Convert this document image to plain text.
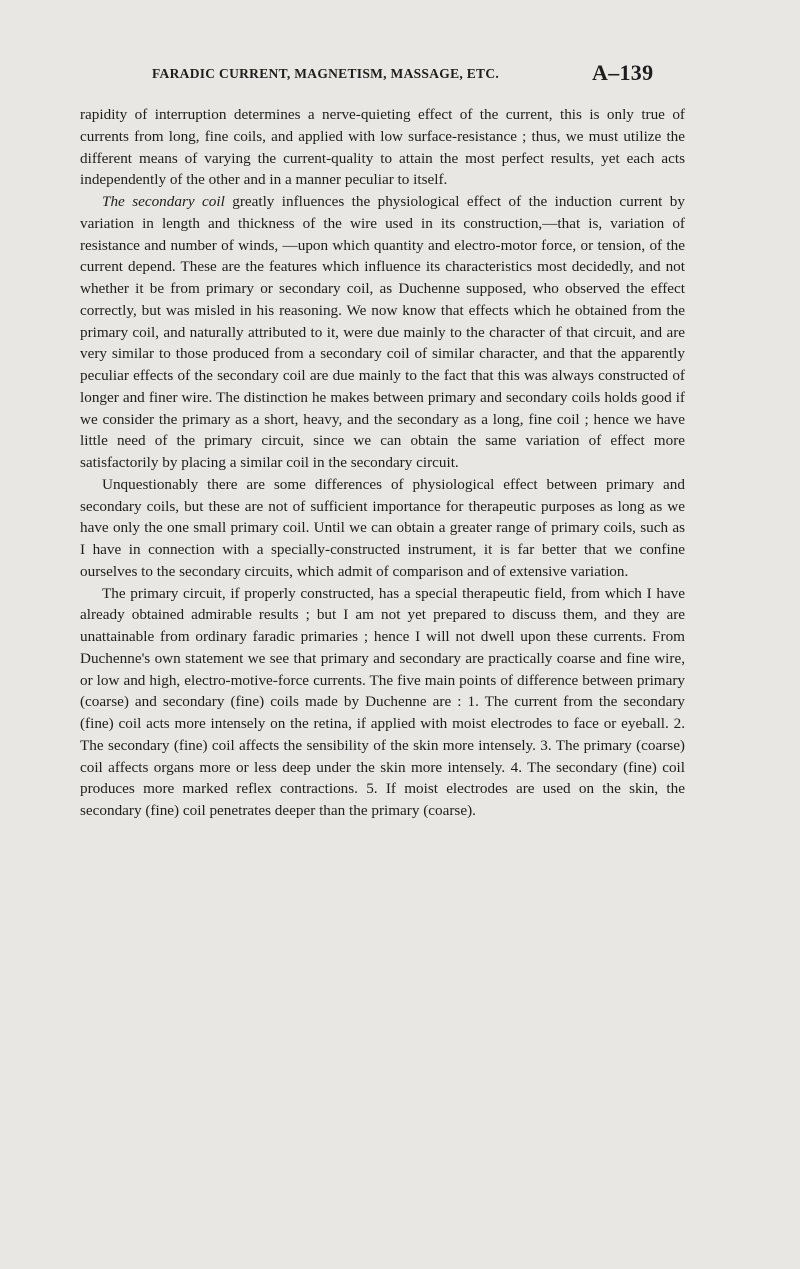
FARADIC CURRENT, MAGNETISM, MASSAGE, ETC.	A–139

rapidity of interruption determines a nerve-quieting effect of the current, this is only true of currents from long, fine coils, and applied with low surface-resistance ; thus, we must utilize the different means of varying the current-quality to attain the most perfect results, yet each acts independently of the other and in a manner peculiar to itself.

The secondary coil greatly influences the physiological effect of the induction current by variation in length and thickness of the wire used in its construction,—that is, variation of resistance and number of winds, —upon which quantity and electro-motor force, or tension, of the current depend. These are the features which influence its characteristics most decidedly, and not whether it be from primary or secondary coil, as Duchenne supposed, who observed the effect correctly, but was misled in his reasoning. We now know that effects which he obtained from the primary coil, and naturally attributed to it, were due mainly to the character of that circuit, and are very similar to those produced from a secondary coil of similar character, and that the apparently peculiar effects of the secondary coil are due mainly to the fact that this was always constructed of longer and finer wire. The distinction he makes between primary and secondary coils holds good if we consider the primary as a short, heavy, and the secondary as a long, fine coil ; hence we have little need of the primary circuit, since we can obtain the same variation of effect more satisfactorily by placing a similar coil in the secondary circuit.

Unquestionably there are some differences of physiological effect between primary and secondary coils, but these are not of sufficient importance for therapeutic purposes as long as we have only the one small primary coil. Until we can obtain a greater range of primary coils, such as I have in connection with a specially-constructed instrument, it is far better that we confine ourselves to the secondary circuits, which admit of comparison and of extensive variation.

The primary circuit, if properly constructed, has a special therapeutic field, from which I have already obtained admirable results ; but I am not yet prepared to discuss them, and they are unattainable from ordinary faradic primaries ; hence I will not dwell upon these currents. From Duchenne's own statement we see that primary and secondary are practically coarse and fine wire, or low and high, electro-motive-force currents. The five main points of difference between primary (coarse) and secondary (fine) coils made by Duchenne are : 1. The current from the secondary (fine) coil acts more intensely on the retina, if applied with moist electrodes to face or eyeball. 2. The secondary (fine) coil affects the sensibility of the skin more intensely. 3. The primary (coarse) coil affects organs more or less deep under the skin more intensely. 4. The secondary (fine) coil produces more marked reflex contractions. 5. If moist electrodes are used on the skin, the secondary (fine) coil penetrates deeper than the primary (coarse).
